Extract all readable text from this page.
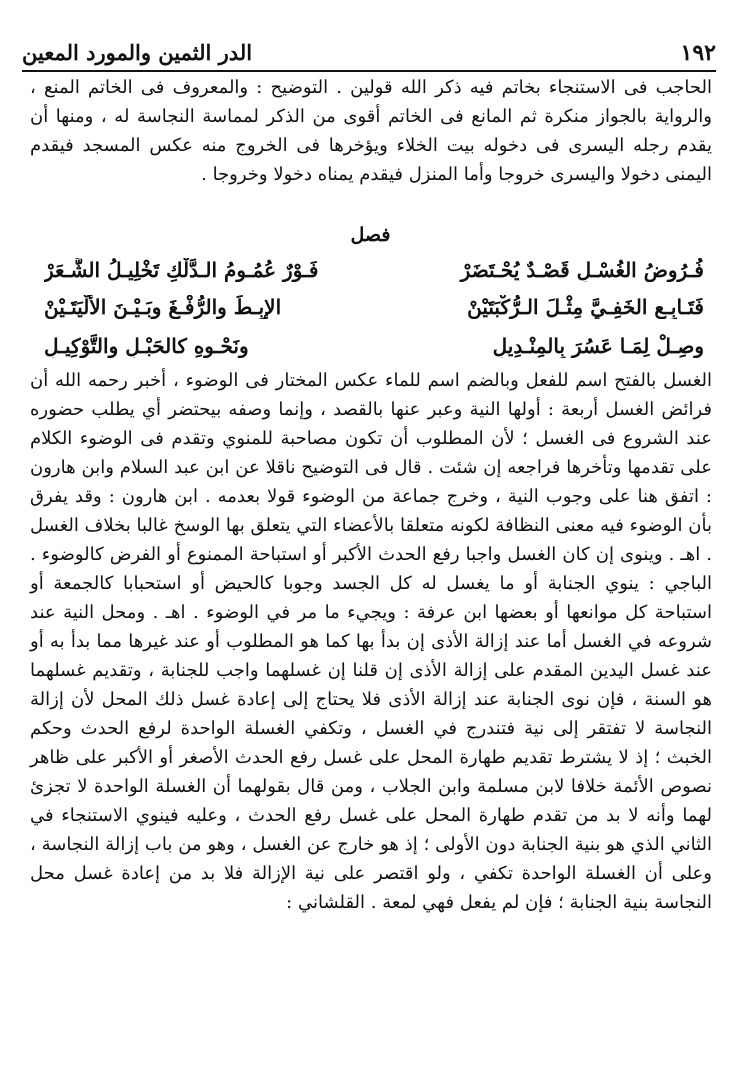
الدر الثمين والمورد المعين	١٩٢
الحاجب فى الاستنجاء بخاتم فيه ذكر الله قولين . التوضيح : والمعروف فى الخاتم المنع ، والرواية بالجواز منكرة ثم المانع فى الخاتم أقوى من الذكر لمماسة النجاسة له ، ومنها أن يقدم رجله اليسرى فى دخوله بيت الخلاء ويؤخرها فى الخروج منه عكس المسجد فيقدم اليمنى دخولا واليسرى خروجا وأما المنزل فيقدم يمناه دخولا وخروجا .
فصل
فُـرُوضُ الغُسْـلِ قَصْـدٌ يُحْـتَضَرْ
فَـوْرٌ عُمُـومُ الـدَّلْكِ تَخْلِيـلُ الشَّـعَرْ
فَتَـابِـعِ الخَفِـيَّ مِثْـلَ الـرُّكْبَتَيْنْ
الإبِـطَ والرُّفْـغَ وبَـيْـنَ الألْيَتَـيْنْ
وصِـلْ لِمَـا عَسُرَ بِالمِنْـدِيلِ
ونَحْـوِهِ كالحَبْـلِ والتَّوْكِيـلِ
الغسل بالفتح اسم للفعل وبالضم اسم للماء عكس المختار فى الوضوء ، أخبر رحمه الله أن فرائض الغسل أربعة : أولها النية وعبر عنها بالقصد ، وإنما وصفه بيحتضر أي يطلب حضوره عند الشروع فى الغسل ؛ لأن المطلوب أن تكون مصاحبة للمنوي وتقدم فى الوضوء الكلام على تقدمها وتأخرها فراجعه إن شئت . قال فى التوضيح ناقلا عن ابن عبد السلام وابن هارون : اتفق هنا على وجوب النية ، وخرج جماعة من الوضوء قولا بعدمه . ابن هارون : وقد يفرق بأن الوضوء فيه معنى النظافة لكونه متعلقا بالأعضاء التي يتعلق بها الوسخ غالبا بخلاف الغسل . اهـ . وينوى إن كان الغسل واجبا رفع الحدث الأكبر أو استباحة الممنوع أو الفرض كالوضوء . الباجي : ينوي الجنابة أو ما يغسل له كل الجسد وجوبا كالحيض أو استحبابا كالجمعة أو استباحة كل موانعها أو بعضها ابن عرفة : ويجيء ما مر في الوضوء . اهـ . ومحل النية عند شروعه في الغسل أما عند إزالة الأذى إن بدأ بها كما هو المطلوب أو عند غيرها مما بدأ به أو عند غسل اليدين المقدم على إزالة الأذى إن قلنا إن غسلهما واجب للجنابة ، وتقديم غسلهما هو السنة ، فإن نوى الجنابة عند إزالة الأذى فلا يحتاج إلى إعادة غسل ذلك المحل لأن إزالة النجاسة لا تفتقر إلى نية فتندرج في الغسل ، وتكفي الغسلة الواحدة لرفع الحدث وحكم الخبث ؛ إذ لا يشترط تقديم طهارة المحل على غسل رفع الحدث الأصغر أو الأكبر على ظاهر نصوص الأئمة خلافا لابن مسلمة وابن الجلاب ، ومن قال بقولهما أن الغسلة الواحدة لا تجزئ لهما وأنه لا بد من تقدم طهارة المحل على غسل رفع الحدث ، وعليه فينوي الاستنجاء في الثاني الذي هو بنية الجنابة دون الأولى ؛ إذ هو خارج عن الغسل ، وهو من باب إزالة النجاسة ، وعلى أن الغسلة الواحدة تكفي ، ولو اقتصر على نية الإزالة فلا بد من إعادة غسل محل النجاسة بنية الجنابة ؛ فإن لم يفعل فهي لمعة . القلشاني :
